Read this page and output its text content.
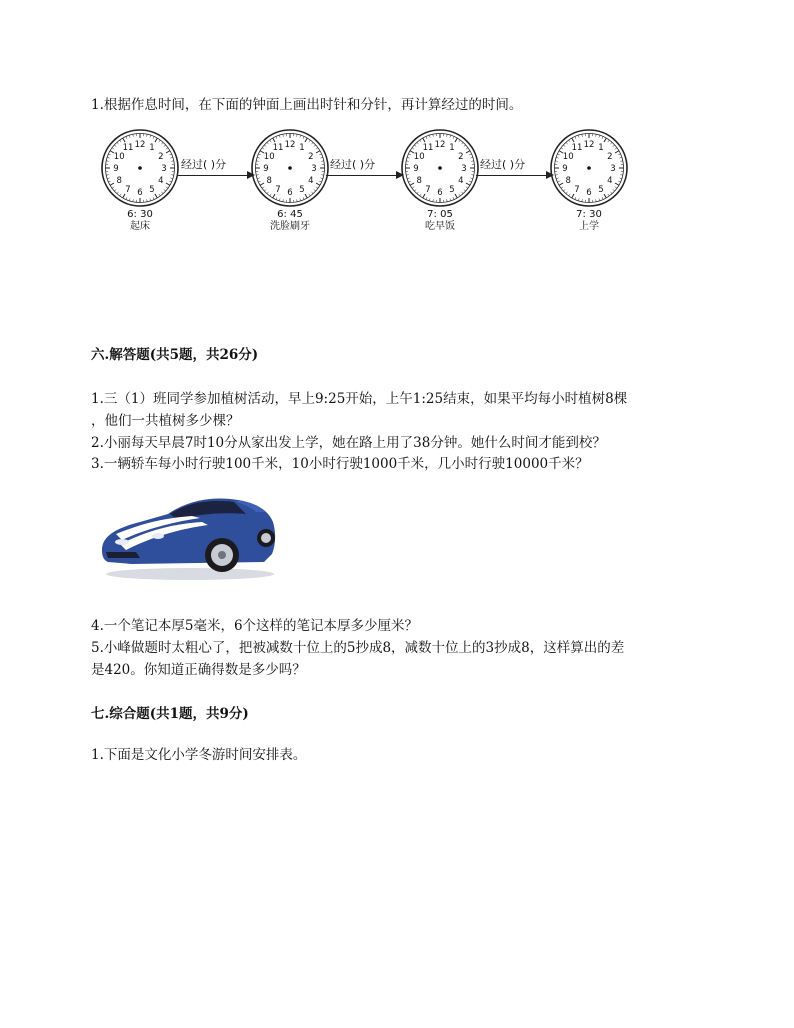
1.根据作息时间，在下面的钟面上画出时针和分针，再计算经过的时间。
12 1
2
3
4
5
6
7
8
9
10
11
6: 30
起床
经过( )分
12 1
2
3
4
5
6
7
8
9
10
11
6: 45
洗脸刷牙
经过( )分
12 1
2
3
4
5
6
7
8
9
10
11
7: 05
吃早饭
经过( )分
12 1
2
3
4
5
6
7
8
9
10
11
7: 30
上学
六.解答题(共5题，共26分)
1.三（1）班同学参加植树活动，早上9:25开始，上午1:25结束，如果平均每小时植树8棵
，他们一共植树多少棵？
2.小丽每天早晨7时10分从家出发上学，她在路上用了38分钟。她什么时间才能到校？
3.一辆轿车每小时行驶100千米，10小时行驶1000千米，几小时行驶10000千米？
4.一个笔记本厚5毫米，6个这样的笔记本厚多少厘米？
5.小峰做题时太粗心了，把被减数十位上的5抄成8，减数十位上的3抄成8，这样算出的差
是420。你知道正确得数是多少吗？
七.综合题(共1题，共9分)
1.下面是文化小学冬游时间安排表。
